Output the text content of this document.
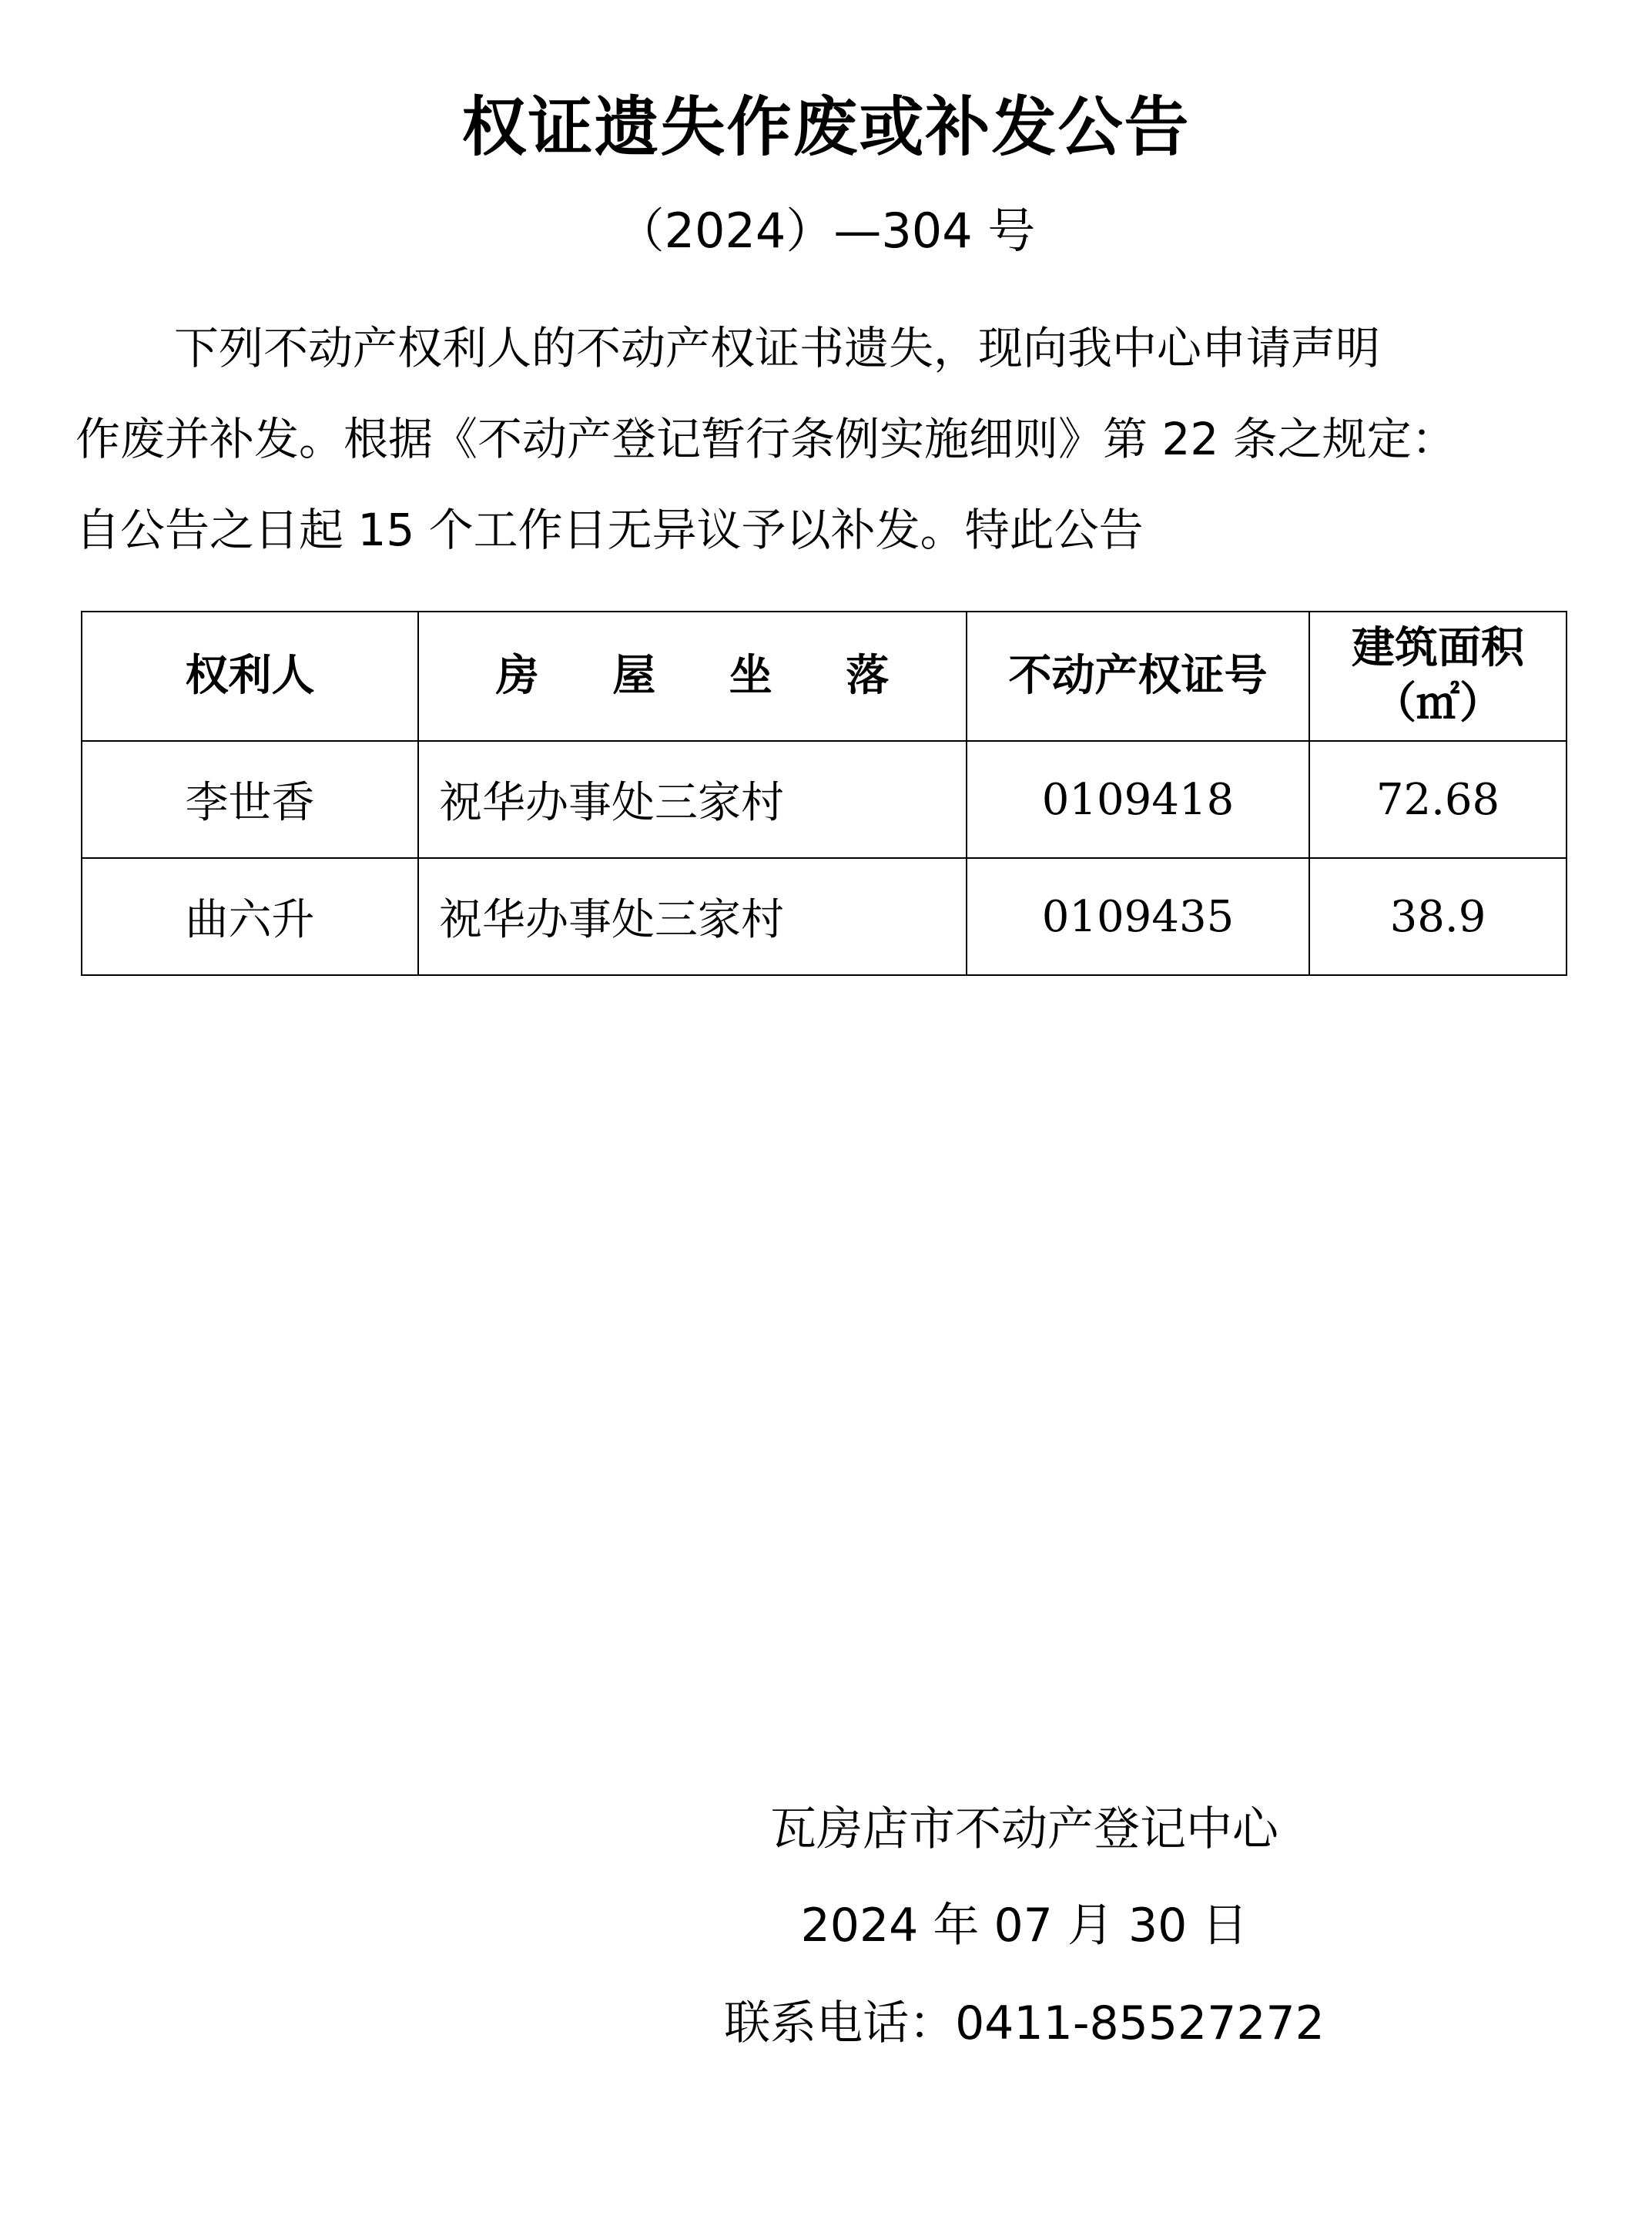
权证遗失作废或补发公告
（2024）—304 号
下列不动产权利人的不动产权证书遗失，现向我中心申请声明
作废并补发。根据《不动产登记暂行条例实施细则》第 22 条之规定：
自公告之日起 15 个工作日无异议予以补发。特此公告
权利人	房 屋 坐 落	不动产权证号	建筑面积
（㎡）

李世香	祝华办事处三家村	0109418	72.68
曲六升	祝华办事处三家村	0109435	38.9
瓦房店市不动产登记中心
2024 年 07 月 30 日
联系电话：0411-85527272
